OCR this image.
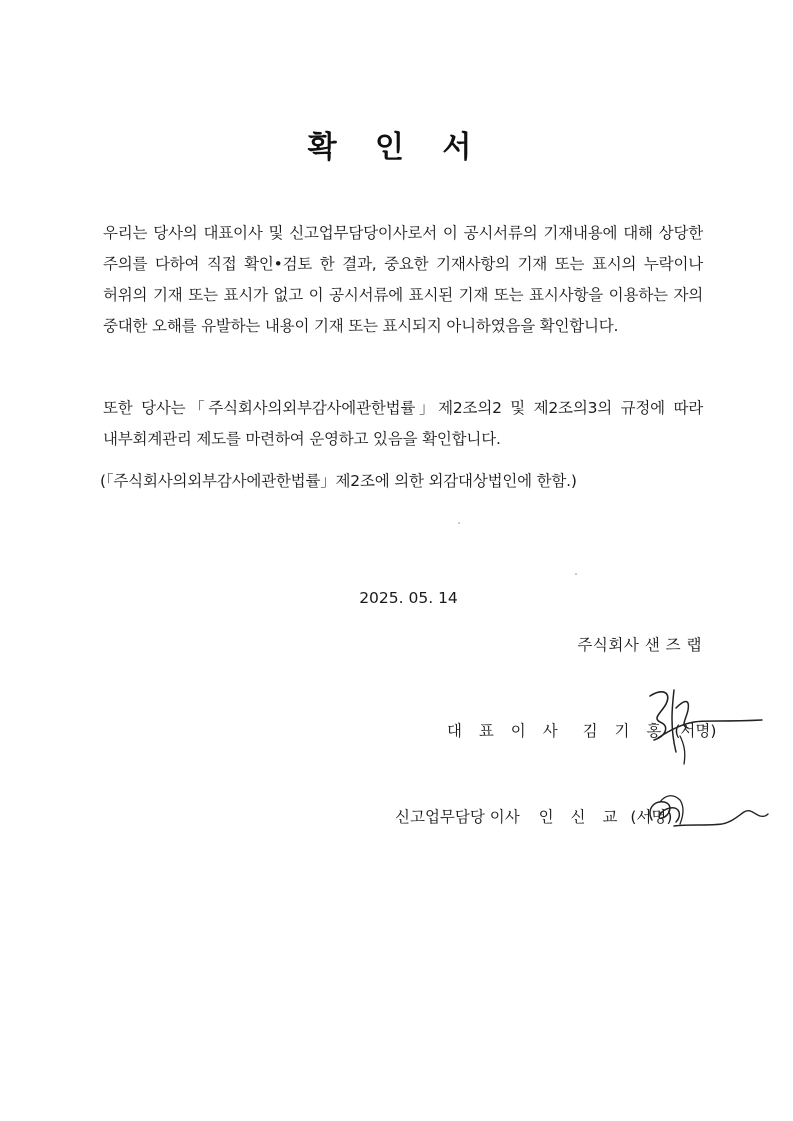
확 인 서
우리는 당사의 대표이사 및 신고업무담당이사로서 이 공시서류의 기재내용에 대해 상당한 주의를 다하여 직접 확인•검토 한 결과, 중요한 기재사항의 기재 또는 표시의 누락이나 허위의 기재 또는 표시가 없고 이 공시서류에 표시된 기재 또는 표시사항을 이용하는 자의 중대한 오해를 유발하는 내용이 기재 또는 표시되지 아니하였음을 확인합니다.
또한 당사는「주식회사의외부감사에관한법률」제2조의2 및 제2조의3의 규정에 따라 내부회계관리 제도를 마련하여 운영하고 있음을 확인합니다.
(「주식회사의외부감사에관한법률」제2조에 의한 외감대상법인에 한함.)
2025. 05. 14
주식회사 샌 즈 랩
대 표 이 사 김 기 홍 (서명)
신고업무담당 이사 인 신 교 (서명)
